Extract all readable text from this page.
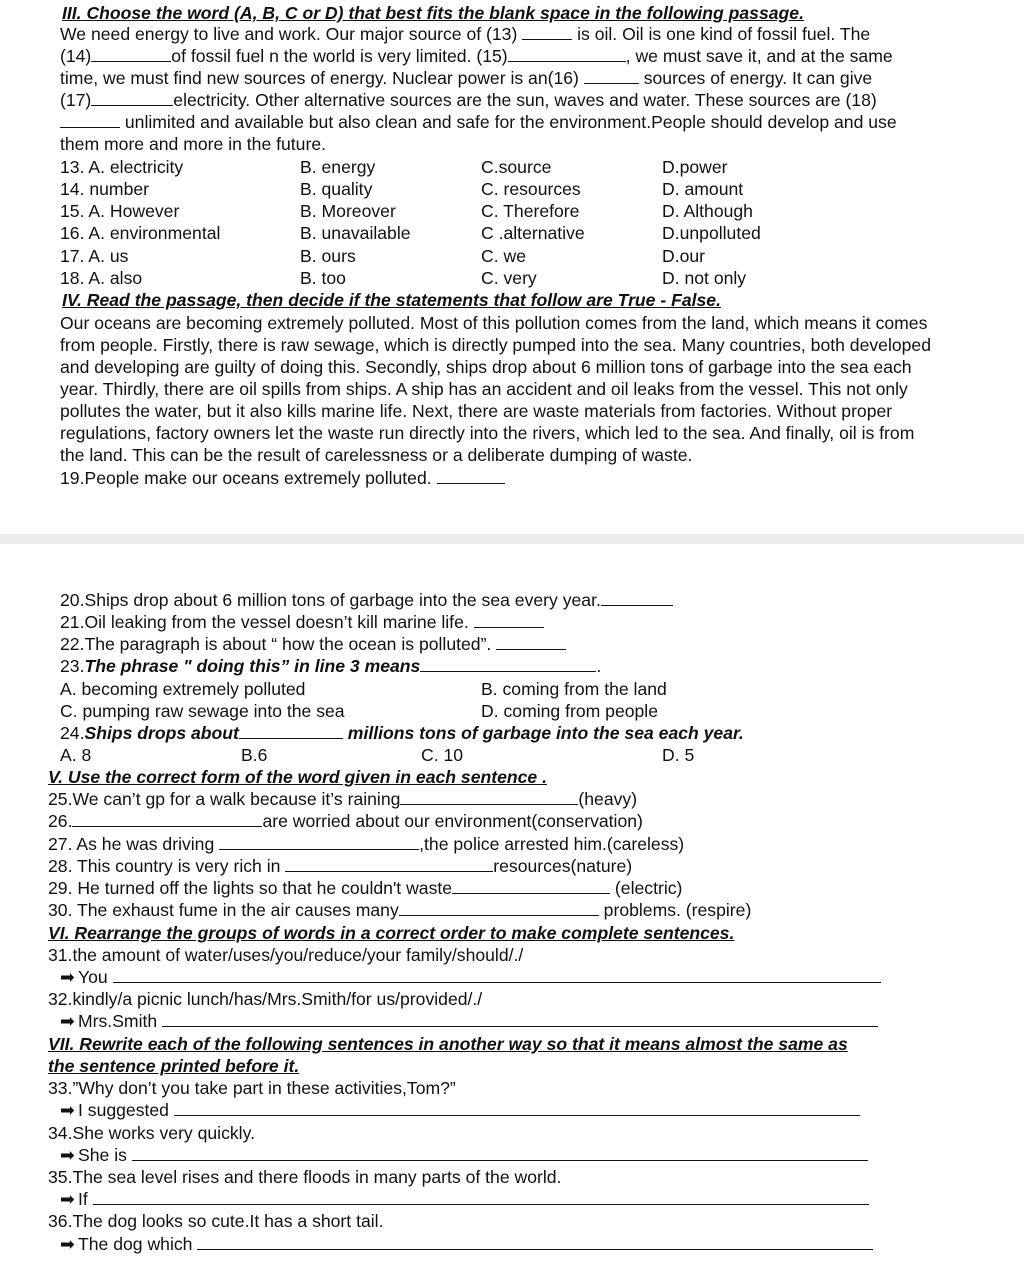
III. Choose the word (A, B, C or D) that best fits the blank space in the following passage.
We need energy to live and work. Our major source of (13)	is oil. Oil is one kind of fossil fuel. The
(14)	of fossil fuel n the world is very limited. (15)	, we must save it, and at the same
time, we must find new sources of energy. Nuclear power is an(16)	sources of energy. It can give
(17)	electricity. Other alternative sources are the sun, waves and water. These sources are (18)
unlimited and available but also clean and safe for the environment.People should develop and use
them more and more in the future.
13. A. electricity	B. energy	C.source	D.power
14. number	B. quality	C. resources	D. amount
15. A. However	B. Moreover	C. Therefore	D. Although
16. A. environmental	B. unavailable	C .alternative	D.unpolluted
17. A. us	B. ours	C. we	D.our
18. A. also	B. too	C. very	D. not only
IV. Read the passage, then decide if the statements that follow are True - False.
Our oceans are becoming extremely polluted. Most of this pollution comes from the land, which means it comes
from people. Firstly, there is raw sewage, which is directly pumped into the sea. Many countries, both developed
and developing are guilty of doing this. Secondly, ships drop about 6 million tons of garbage into the sea each
year. Thirdly, there are oil spills from ships. A ship has an accident and oil leaks from the vessel. This not only
pollutes the water, but it also kills marine life. Next, there are waste materials from factories. Without proper
regulations, factory owners let the waste run directly into the rivers, which led to the sea. And finally, oil is from
the land. This can be the result of carelessness or a deliberate dumping of waste.
19.People make our oceans extremely polluted.
20.Ships drop about 6 million tons of garbage into the sea every year.
21.Oil leaking from the vessel doesn’t kill marine life.
22.The paragraph is about “ how the ocean is polluted”.
23.The phrase " doing this” in line 3 means	.
A. becoming extremely polluted	B. coming from the land
C. pumping raw sewage into the sea	D. coming from people
24.Ships drops about	millions tons of garbage into the sea each year.
A. 8	B.6	C. 10	D. 5
V. Use the correct form of the word given in each sentence .
25.We can’t gp for a walk because it’s raining	(heavy)
26.	are worried about our environment(conservation)
27. As he was driving	,the police arrested him.(careless)
28. This country is very rich in	resources(nature)
29. He turned off the lights so that he couldn't waste	(electric)
30. The exhaust fume in the air causes many	problems. (respire)
VI. Rearrange the groups of words in a correct order to make complete sentences.
31.the amount of water/uses/you/reduce/your family/should/./
➡ You
32.kindly/a picnic lunch/has/Mrs.Smith/for us/provided/./
➡ Mrs.Smith
VII. Rewrite each of the following sentences in another way so that it means almost the same as
the sentence printed before it.
33.”Why don’t you take part in these activities,Tom?”
➡ I suggested
34.She works very quickly.
➡ She is
35.The sea level rises and there floods in many parts of the world.
➡ If
36.The dog looks so cute.It has a short tail.
➡ The dog which
